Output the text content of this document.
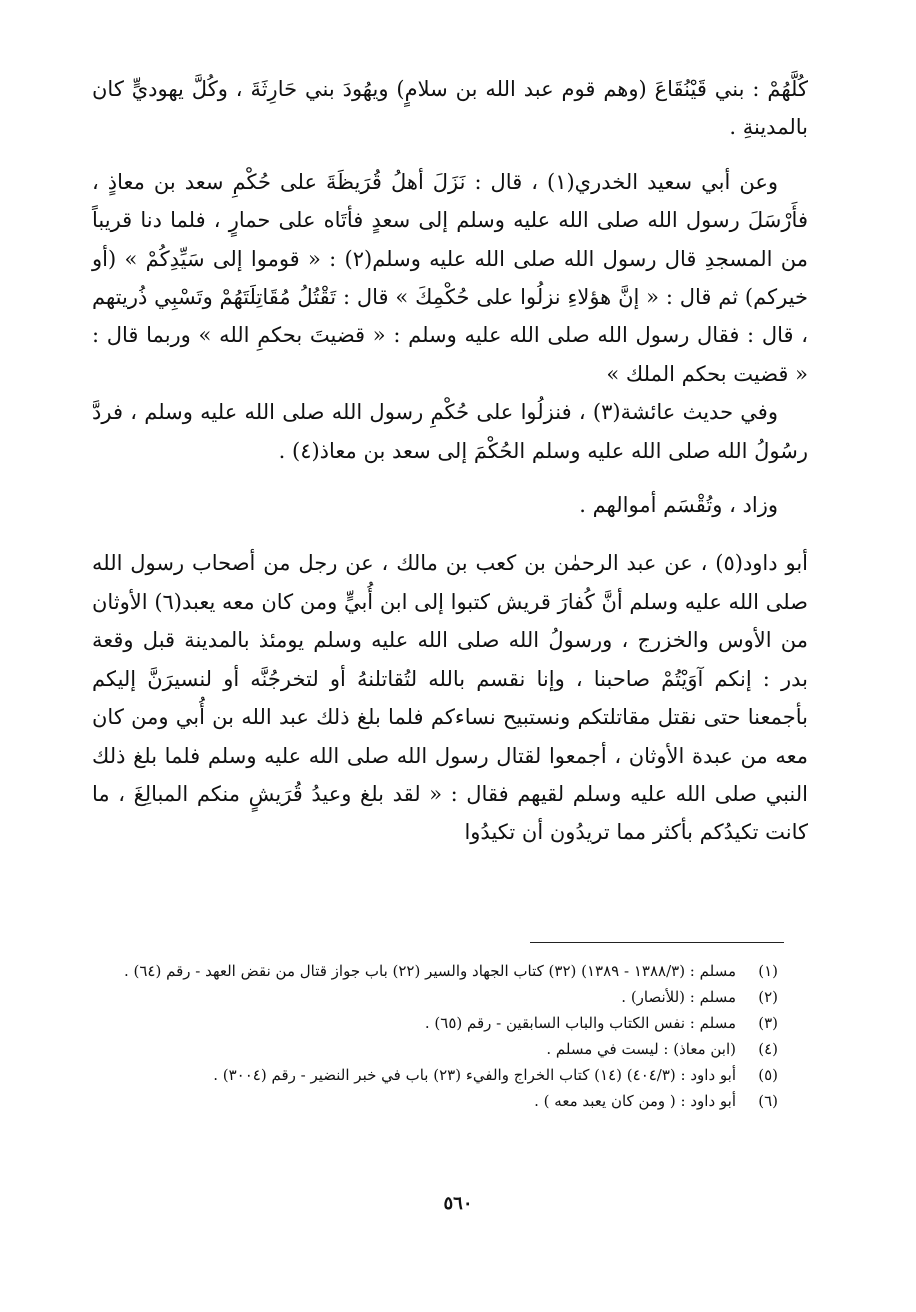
كُلَّهُمْ : بني قَيْنُقَاعَ (وهم قوم عبد الله بن سلامٍ) ويهُودَ بني حَارِثَةَ ، وكُلَّ يهوديٍّ كان بالمدينةِ .

وعن أبي سعيد الخدري(١) ، قال : نَزَلَ أهلُ قُرَيظَةَ على حُكْمِ سعد بن معاذٍ ، فأَرْسَلَ رسول الله صلى الله عليه وسلم إلى سعدٍ فأتَاه على حمارٍ ، فلما دنا قريباً من المسجدِ قال رسول الله صلى الله عليه وسلم(٢) : « قوموا إلى سَيِّدِكُمْ » (أو خيركم) ثم قال : « إنَّ هؤلاءِ نزلُوا على حُكْمِكَ » قال : تَقْتُلُ مُقَاتِلَتَهُمْ وتَسْبِي ذُريتهم ، قال : فقال رسول الله صلى الله عليه وسلم : « قضيتَ بحكمِ الله » وربما قال : « قضيت بحكم الملك »

وفي حديث عائشة(٣) ، فنزلُوا على حُكْمِ رسول الله صلى الله عليه وسلم ، فردَّ رسُولُ الله صلى الله عليه وسلم الحُكْمَ إلى سعد بن معاذ(٤) .

وزاد ، وتُقْسَم أموالهم .

أبو داود(٥) ، عن عبد الرحمٰن بن كعب بن مالك ، عن رجل من أصحاب رسول الله صلى الله عليه وسلم أنَّ كُفارَ قريش كتبوا إلى ابن أُبيٍّ ومن كان معه يعبد(٦) الأوثان من الأوس والخزرج ، ورسولُ الله صلى الله عليه وسلم يومئذ بالمدينة قبل وقعة بدر : إنكم آوَيْتُمْ صاحبنا ، وإنا نقسم بالله لتُقاتلنهُ أو لتخرجُنَّه أو لنسيرَنَّ إليكم بأجمعنا حتى نقتل مقاتلتكم ونستبيح نساءكم فلما بلغ ذلك عبد الله بن أُبي ومن كان معه من عبدة الأوثان ، أجمعوا لقتال رسول الله صلى الله عليه وسلم فلما بلغ ذلك النبي صلى الله عليه وسلم لقيهم فقال : « لقد بلغ وعيدُ قُرَيشٍ منكم المبالِغَ ، ما كانت تكيدُكم بأكثر مما تريدُون أن تكيدُوا

(١)
مسلم : (١٣٨٨/٣ - ١٣٨٩) (٣٢) كتاب الجهاد والسير (٢٢) باب جواز قتال من نقض العهد - رقم (٦٤) .
(٢)
مسلم : (للأنصار) .
(٣)
مسلم : نفس الكتاب والباب السابقين - رقم (٦٥) .
(٤)
(ابن معاذ) : ليست في مسلم .
(٥)
أبو داود : (٤٠٤/٣) (١٤) كتاب الخراج والفيء (٢٣) باب في خبر النضير - رقم (٣٠٠٤) .
(٦)
أبو داود : ( ومن كان يعبد معه ) .
٥٦٠
